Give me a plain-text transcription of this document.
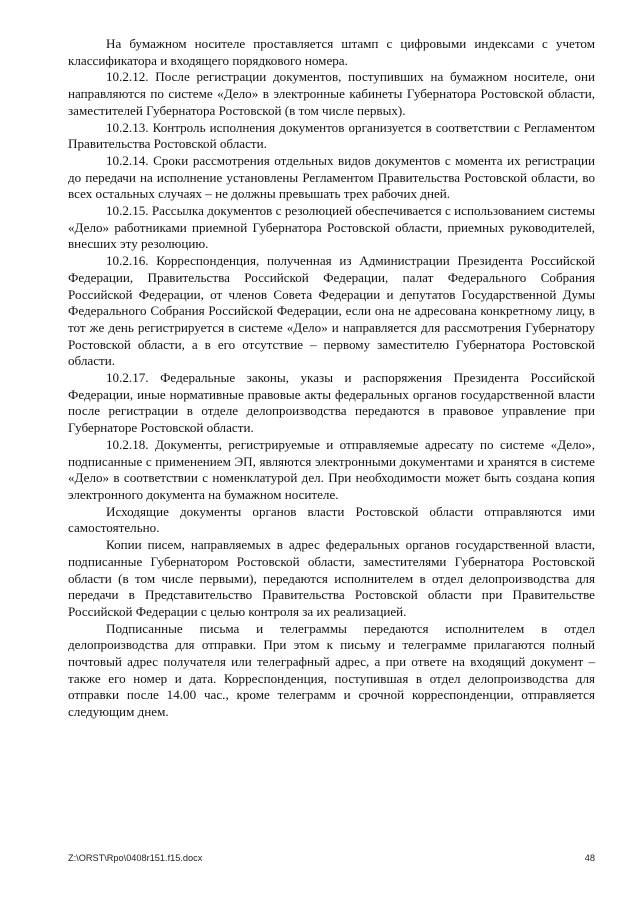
На бумажном носителе проставляется штамп с цифровыми индексами с учетом классификатора и входящего порядкового номера.

10.2.12. После регистрации документов, поступивших на бумажном носителе, они направляются по системе «Дело» в электронные кабинеты Губернатора Ростовской области, заместителей Губернатора Ростовской (в том числе первых).

10.2.13. Контроль исполнения документов организуется в соответствии с Регламентом Правительства Ростовской области.

10.2.14. Сроки рассмотрения отдельных видов документов с момента их регистрации до передачи на исполнение установлены Регламентом Правительства Ростовской области, во всех остальных случаях – не должны превышать трех рабочих дней.

10.2.15. Рассылка документов с резолюцией обеспечивается с использованием системы «Дело» работниками приемной Губернатора Ростовской области, приемных руководителей, внесших эту резолюцию.

10.2.16. Корреспонденция, полученная из Администрации Президента Российской Федерации, Правительства Российской Федерации, палат Федерального Собрания Российской Федерации, от членов Совета Федерации и депутатов Государственной Думы Федерального Собрания Российской Федерации, если она не адресована конкретному лицу, в тот же день регистрируется в системе «Дело» и направляется для рассмотрения Губернатору Ростовской области, а в его отсутствие – первому заместителю Губернатора Ростовской области.

10.2.17. Федеральные законы, указы и распоряжения Президента Российской Федерации, иные нормативные правовые акты федеральных органов государственной власти после регистрации в отделе делопроизводства передаются в правовое управление при Губернаторе Ростовской области.

10.2.18. Документы, регистрируемые и отправляемые адресату по системе «Дело», подписанные с применением ЭП, являются электронными документами и хранятся в системе «Дело» в соответствии с номенклатурой дел. При необходимости может быть создана копия электронного документа на бумажном носителе.

Исходящие документы органов власти Ростовской области отправляются ими самостоятельно.

Копии писем, направляемых в адрес федеральных органов государственной власти, подписанные Губернатором Ростовской области, заместителями Губернатора Ростовской области (в том числе первыми), передаются исполнителем в отдел делопроизводства для передачи в Представительство Правительства Ростовской области при Правительстве Российской Федерации с целью контроля за их реализацией.

Подписанные письма и телеграммы передаются исполнителем в отдел делопроизводства для отправки. При этом к письму и телеграмме прилагаются полный почтовый адрес получателя или телеграфный адрес, а при ответе на входящий документ – также его номер и дата. Корреспонденция, поступившая в отдел делопроизводства для отправки после 14.00 час., кроме телеграмм и срочной корреспонденции, отправляется следующим днем.

Z:\ORST\Rpo\0408r151.f15.docx	48
